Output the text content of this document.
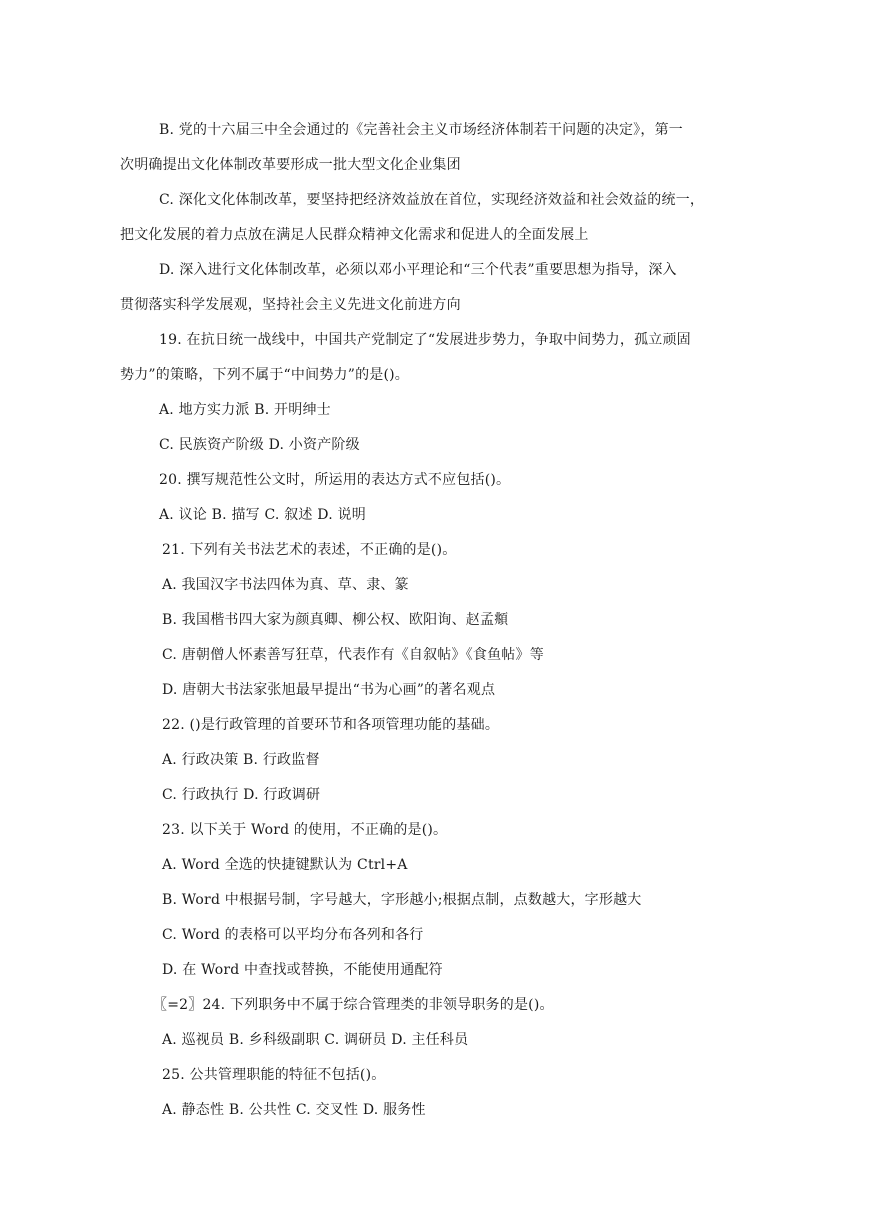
B. 党的十六届三中全会通过的《完善社会主义市场经济体制若干问题的决定》，第一
次明确提出文化体制改革要形成一批大型文化企业集团
C. 深化文化体制改革，要坚持把经济效益放在首位，实现经济效益和社会效益的统一，
把文化发展的着力点放在满足人民群众精神文化需求和促进人的全面发展上
D. 深入进行文化体制改革，必须以邓小平理论和“三个代表”重要思想为指导，深入
贯彻落实科学发展观，坚持社会主义先进文化前进方向
19. 在抗日统一战线中，中国共产党制定了“发展进步势力，争取中间势力，孤立顽固
势力”的策略，下列不属于“中间势力”的是()。
A. 地方实力派 B. 开明绅士
C. 民族资产阶级 D. 小资产阶级
20. 撰写规范性公文时，所运用的表达方式不应包括()。
A. 议论 B. 描写 C. 叙述 D. 说明
21. 下列有关书法艺术的表述，不正确的是()。
A. 我国汉字书法四体为真、草、隶、篆
B. 我国楷书四大家为颜真卿、柳公权、欧阳询、赵孟頫
C. 唐朝僧人怀素善写狂草，代表作有《自叙帖》《食鱼帖》等
D. 唐朝大书法家张旭最早提出“书为心画”的著名观点
22. ()是行政管理的首要环节和各项管理功能的基础。
A. 行政决策 B. 行政监督
C. 行政执行 D. 行政调研
23. 以下关于 Word 的使用，不正确的是()。
A. Word 全选的快捷键默认为 Ctrl+A
B. Word 中根据号制，字号越大，字形越小;根据点制，点数越大，字形越大
C. Word 的表格可以平均分布各列和各行
D. 在 Word 中查找或替换，不能使用通配符
〖=2〗24. 下列职务中不属于综合管理类的非领导职务的是()。
A. 巡视员 B. 乡科级副职 C. 调研员 D. 主任科员
25. 公共管理职能的特征不包括()。
A. 静态性 B. 公共性 C. 交叉性 D. 服务性
